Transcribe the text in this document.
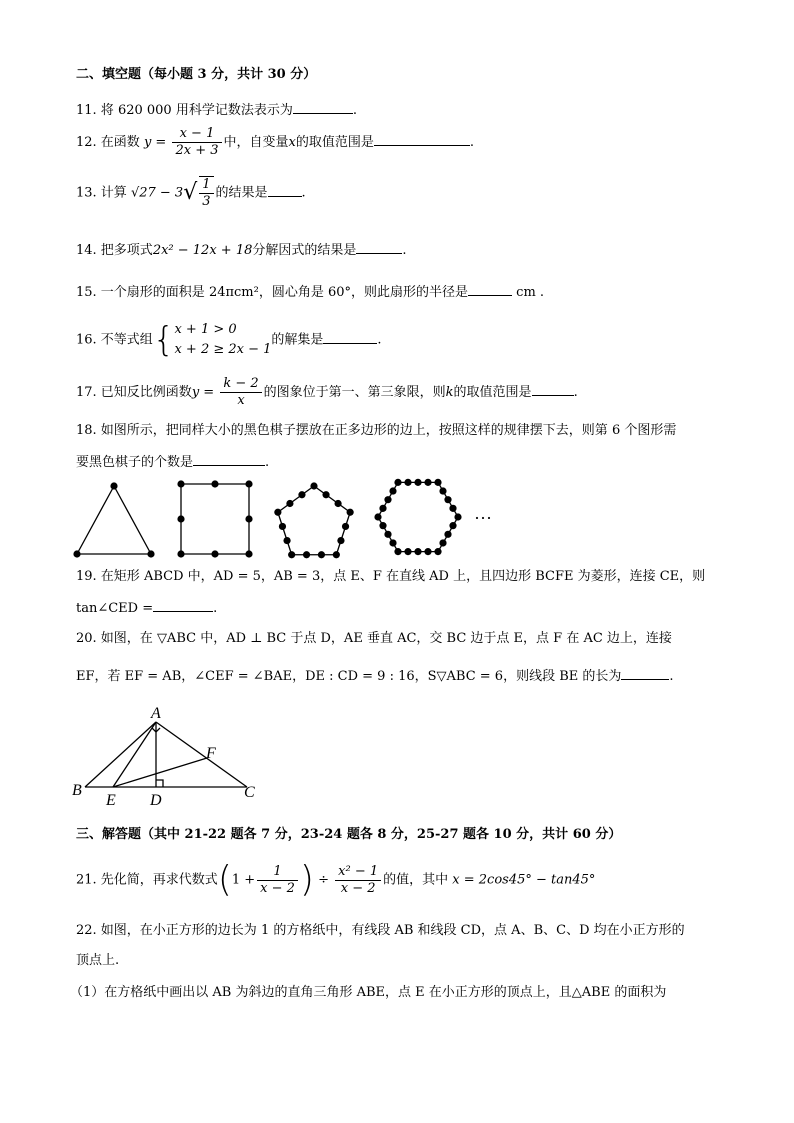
二、填空题（每小题 3 分，共计 30 分）
11. 将 620 000 用科学记数法表示为	.
12. 在函数 $y = \frac{x - 1}{2x + 3}$ 中，自变量x的取值范围是	.
13. 计算 $√27 - 3√ \frac{1}{3}$ 的结果是	.
14. 把多项式2x² − 12x + 18分解因式的结果是	.
15. 一个扇形的面积是 24πcm²，圆心角是 60°，则此扇形的半径是	cm .
16. 不等式组{ x + 1 > 0
x + 2 ≥ 2x − 1
的解集是	.
17. 已知反比例函数$y = \frac{k - 2}{x}$ 的图象位于第一、第三象限，则k的取值范围是	.
18. 如图所示，把同样大小的黑色棋子摆放在正多边形的边上，按照这样的规律摆下去，则第 6 个图形需
要黑色棋子的个数是	.
···
19. 在矩形 ABCD 中，AD = 5，AB = 3，点 E、F 在直线 AD 上，且四边形 BCFE 为菱形，连接 CE，则
tan∠CED =	.
20. 如图，在 ▽ABC 中，AD ⊥ BC 于点 D，AE 垂直 AC，交 BC 边于点 E，点 F 在 AC 边上，连接
EF，若 EF = AB，∠CEF = ∠BAE，DE : CD = 9 : 16，S▽ABC = 6，则线段 BE 的长为	.
A
B	C
D
E
F
三、解答题（其中 21-22 题各 7 分，23-24 题各 8 分，25-27 题各 10 分，共计 60 分）
21. 先化简，再求代数式($1 + \frac{1}{x - 2}$ ) ÷ $\frac{\text{x² − 1}}{x - 2}$ 的值，其中 x = 2cos45° − tan45°
22. 如图，在小正方形的边长为 1 的方格纸中，有线段 AB 和线段 CD，点 A、B、C、D 均在小正方形的
顶点上.
（1）在方格纸中画出以 AB 为斜边的直角三角形 ABE，点 E 在小正方形的顶点上，且△ABE 的面积为
